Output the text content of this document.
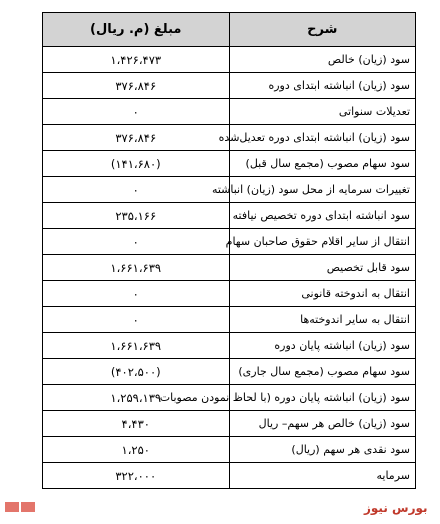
شرح	مبلغ (م. ریال)
سود (زیان) خالص	۱،۴۲۶،۴۷۳
سود (زیان) انباشته ابتدای دوره	۳۷۶،۸۴۶
تعدیلات سنواتی	۰
سود (زیان) انباشته ابتدای دوره تعدیل‌شده	۳۷۶،۸۴۶
سود سهام مصوب (مجمع سال قبل)	(۱۴۱،۶۸۰)
تغییرات سرمایه از محل سود (زیان) انباشته	۰
سود انباشته ابتدای دوره تخصیص نیافته	۲۳۵،۱۶۶
انتقال از سایر اقلام حقوق صاحبان سهام	۰
سود قابل تخصیص	۱،۶۶۱،۶۳۹
انتقال به اندوخته قانونی	۰
انتقال به سایر اندوخته‌ها	۰
سود (زیان) انباشته پایان دوره	۱،۶۶۱،۶۳۹
سود سهام مصوب (مجمع سال جاری)	(۴۰۲،۵۰۰)
سود (زیان) انباشته پایان دوره (با لحاظ نمودن مصوبات	۱،۲۵۹،۱۳۹
سود (زیان) خالص هر سهم– ریال	۴،۴۳۰
سود نقدی هر سهم (ریال)	۱،۲۵۰
سرمایه	۳۲۲،۰۰۰
بورس نیوز
